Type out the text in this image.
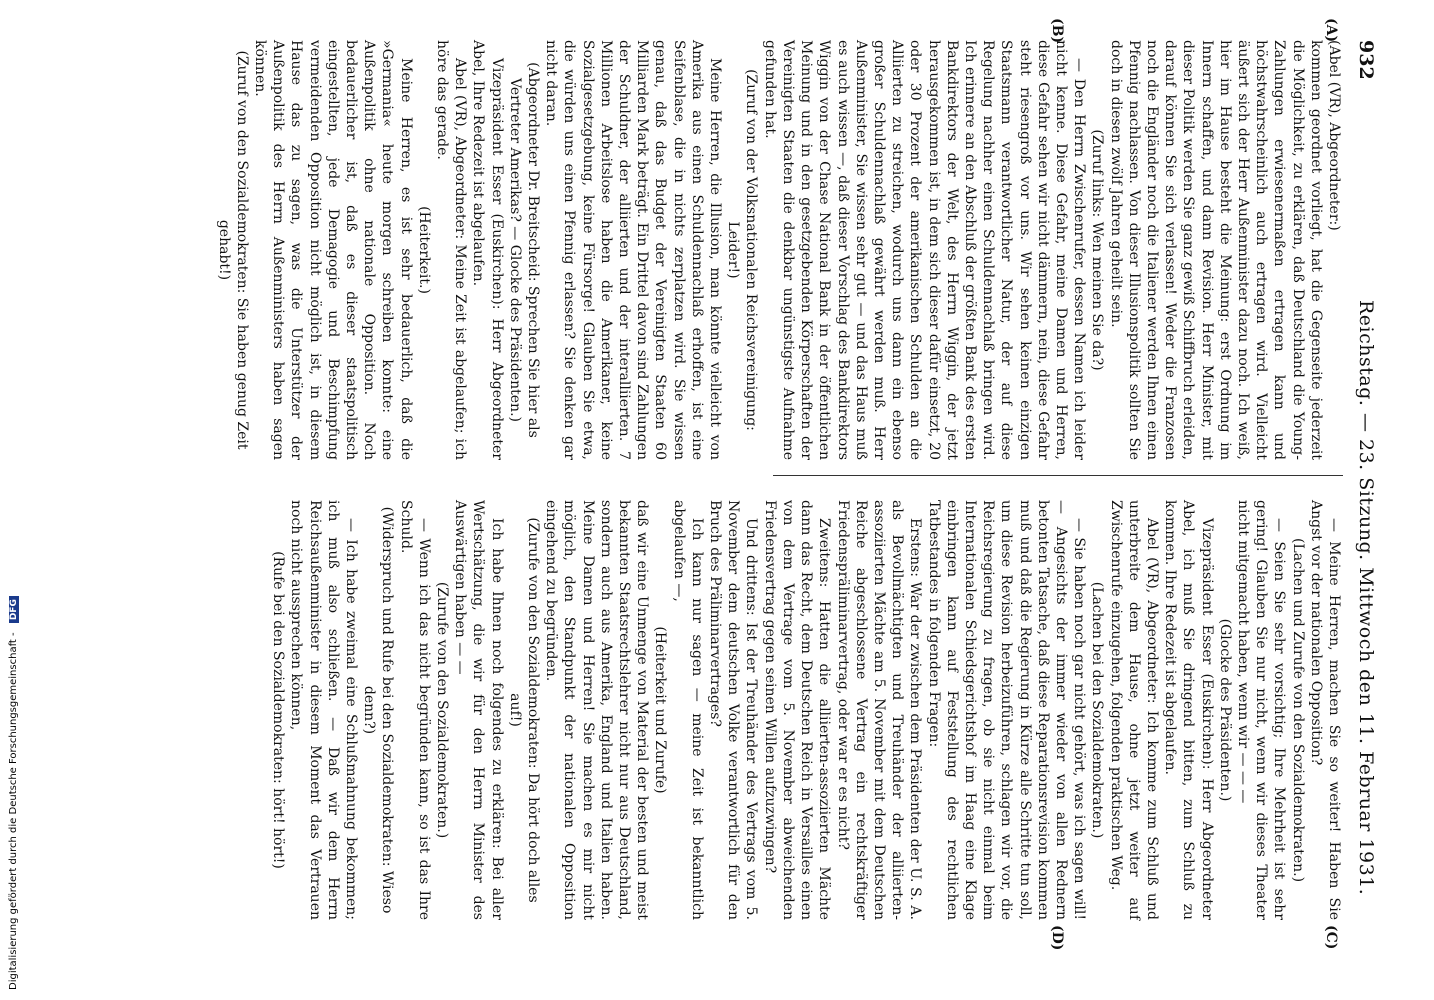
932
Reichstag. — 23. Sitzung. Mittwoch den 11. Februar 1931.
(A)
(B)
(C)
(D)

(Abel (VR), Abgeordneter:)

kommen geordnet vorliegt, hat die Gegenseite jederzeit die Möglichkeit, zu erklären, daß Deutschland die Young-Zahlungen erwiesenermaßen ertragen kann und höchstwahrscheinlich auch ertragen wird. Vielleicht äußert sich der Herr Außenminister dazu noch. Ich weiß, hier im Hause besteht die Meinung: erst Ordnung im Innern schaffen, und dann Revision. Herr Minister, mit dieser Politik werden Sie ganz gewiß Schiffbruch erleiden, darauf können Sie sich verlassen! Weder die Franzosen noch die Engländer noch die Italiener werden Ihnen einen Pfennig nachlassen. Von dieser Illusionspolitik sollten Sie doch in diesen zwölf Jahren geheilt sein.

(Zuruf links: Wen meinen Sie da?)

— Den Herrn Zwischenrufer, dessen Namen ich leider nicht kenne. Diese Gefahr, meine Damen und Herren, diese Gefahr sehen wir nicht dämmern, nein, diese Gefahr steht riesengroß vor uns. Wir sehen keinen einzigen Staatsmann verantwortlicher Natur, der auf diese Regelung nachher einen Schuldennachlaß bringen wird. Ich erinnere an den Abschluß der größten Bank des ersten Bankdirektors der Welt, des Herrn Wiggin, der jetzt herausgekommen ist, in dem sich dieser dafür einsetzt, 20 oder 30 Prozent der amerikanischen Schulden an die Alliierten zu streichen, wodurch uns dann ein ebenso großer Schuldennachlaß gewährt werden muß. Herr Außenminister, Sie wissen sehr gut — und das Haus muß es auch wissen —, daß dieser Vorschlag des Bankdirektors Wiggin von der Chase National Bank in der öffentlichen Meinung und in den gesetzgebenden Körperschaften der Vereinigten Staaten die denkbar ungünstigste Aufnahme gefunden hat.

(Zuruf von der Volksnationalen Reichsvereinigung: Leider!)

Meine Herren, die Illusion, man könnte vielleicht von Amerika aus einen Schuldennachlaß erhoffen, ist eine Seifenblase, die in nichts zerplatzen wird. Sie wissen genau, daß das Budget der Vereinigten Staaten 60 Milliarden Mark beträgt. Ein Drittel davon sind Zahlungen der Schuldner, der alliierten und der interalliierten. 7 Millionen Arbeitslose haben die Amerikaner, keine Sozialgesetzgebung, keine Fürsorge! Glauben Sie etwa, die würden uns einen Pfennig erlassen? Sie denken gar nicht daran.

(Abgeordneter Dr. Breitscheid: Sprechen Sie hier als Vertreter Amerikas? — Glocke des Präsidenten.)

Vizepräsident Esser (Euskirchen): Herr Abgeordneter Abel, Ihre Redezeit ist abgelaufen.

Abel (VR), Abgeordneter: Meine Zeit ist abgelaufen; ich höre das gerade.

(Heiterkeit.)

Meine Herren, es ist sehr bedauerlich, daß die »Germania« heute morgen schreiben konnte: eine Außenpolitik ohne nationale Opposition. Noch bedauerlicher ist, daß es dieser staatspolitisch eingestellten, jede Demagogie und Beschimpfung vermeidenden Opposition nicht möglich ist, in diesem Hause das zu sagen, was die Unterstützer der Außenpolitik des Herrn Außenministers haben sagen können.

(Zuruf von den Sozialdemokraten: Sie haben genug Zeit gehabt!)

— Meine Herren, machen Sie so weiter! Haben Sie Angst vor der nationalen Opposition?

(Lachen und Zurufe von den Sozialdemokraten.)

— Seien Sie sehr vorsichtig; Ihre Mehrheit ist sehr gering! Glauben Sie nur nicht, wenn wir dieses Theater nicht mitgemacht haben, wenn wir — — —

(Glocke des Präsidenten.)

Vizepräsident Esser (Euskirchen): Herr Abgeordneter Abel, ich muß Sie dringend bitten, zum Schluß zu kommen. Ihre Redezeit ist abgelaufen.

Abel (VR), Abgeordneter: Ich komme zum Schluß und unterbreite dem Hause, ohne jetzt weiter auf Zwischenrufe einzugehen, folgenden praktischen Weg.

(Lachen bei den Sozialdemokraten.)

— Sie haben noch gar nicht gehört, was ich sagen will! — Angesichts der immer wieder von allen Rednern betonten Tatsache, daß diese Reparationsrevision kommen muß und daß die Regierung in Kürze alle Schritte tun soll, um diese Revision herbeizuführen, schlagen wir vor, die Reichsregierung zu fragen, ob sie nicht einmal beim Internationalen Schiedsgerichtshof im Haag eine Klage einbringen kann auf Feststellung des rechtlichen Tatbestandes in folgenden Fragen:

Erstens: War der zwischen dem Präsidenten der U. S. A. als Bevollmächtigten und Treuhänder der alliierten-assoziierten Mächte am 5. November mit dem Deutschen Reiche abgeschlossene Vertrag ein rechtskräftiger Friedenspräliminarvertrag, oder war er es nicht?

Zweitens: Hatten die alliierten-assoziierten Mächte dann das Recht, dem Deutschen Reich in Versailles einen von dem Vertrage vom 5. November abweichenden Friedensvertrag gegen seinen Willen aufzuzwingen?

Und drittens: Ist der Treuhänder des Vertrags vom 5. November dem deutschen Volke verantwortlich für den Bruch des Präliminarvertrages?

Ich kann nur sagen — meine Zeit ist bekanntlich abgelaufen —,

(Heiterkeit und Zurufe)

daß wir eine Unmenge von Material der besten und meist bekannten Staatsrechtslehrer nicht nur aus Deutschland, sondern auch aus Amerika, England und Italien haben. Meine Damen und Herren! Sie machen es mir nicht möglich, den Standpunkt der nationalen Opposition eingehend zu begründen.

(Zurufe von den Sozialdemokraten: Da hört doch alles auf!)

Ich habe Ihnen noch folgendes zu erklären: Bei aller Wertschätzung, die wir für den Herrn Minister des Auswärtigen haben — —

(Zurufe von den Sozialdemokraten.)

— Wenn ich das nicht begründen kann, so ist das Ihre Schuld.

(Widerspruch und Rufe bei den Sozialdemokraten: Wieso denn?)

— Ich habe zweimal eine Schlußmahnung bekommen; ich muß also schließen. — Daß wir dem Herrn Reichsaußenminister in diesem Moment das Vertrauen noch nicht aussprechen können,

(Rufe bei den Sozialdemokraten: hört! hört!)

Digitalisierung gefördert durch die Deutsche Forschungsgemeinschaft - DFG
